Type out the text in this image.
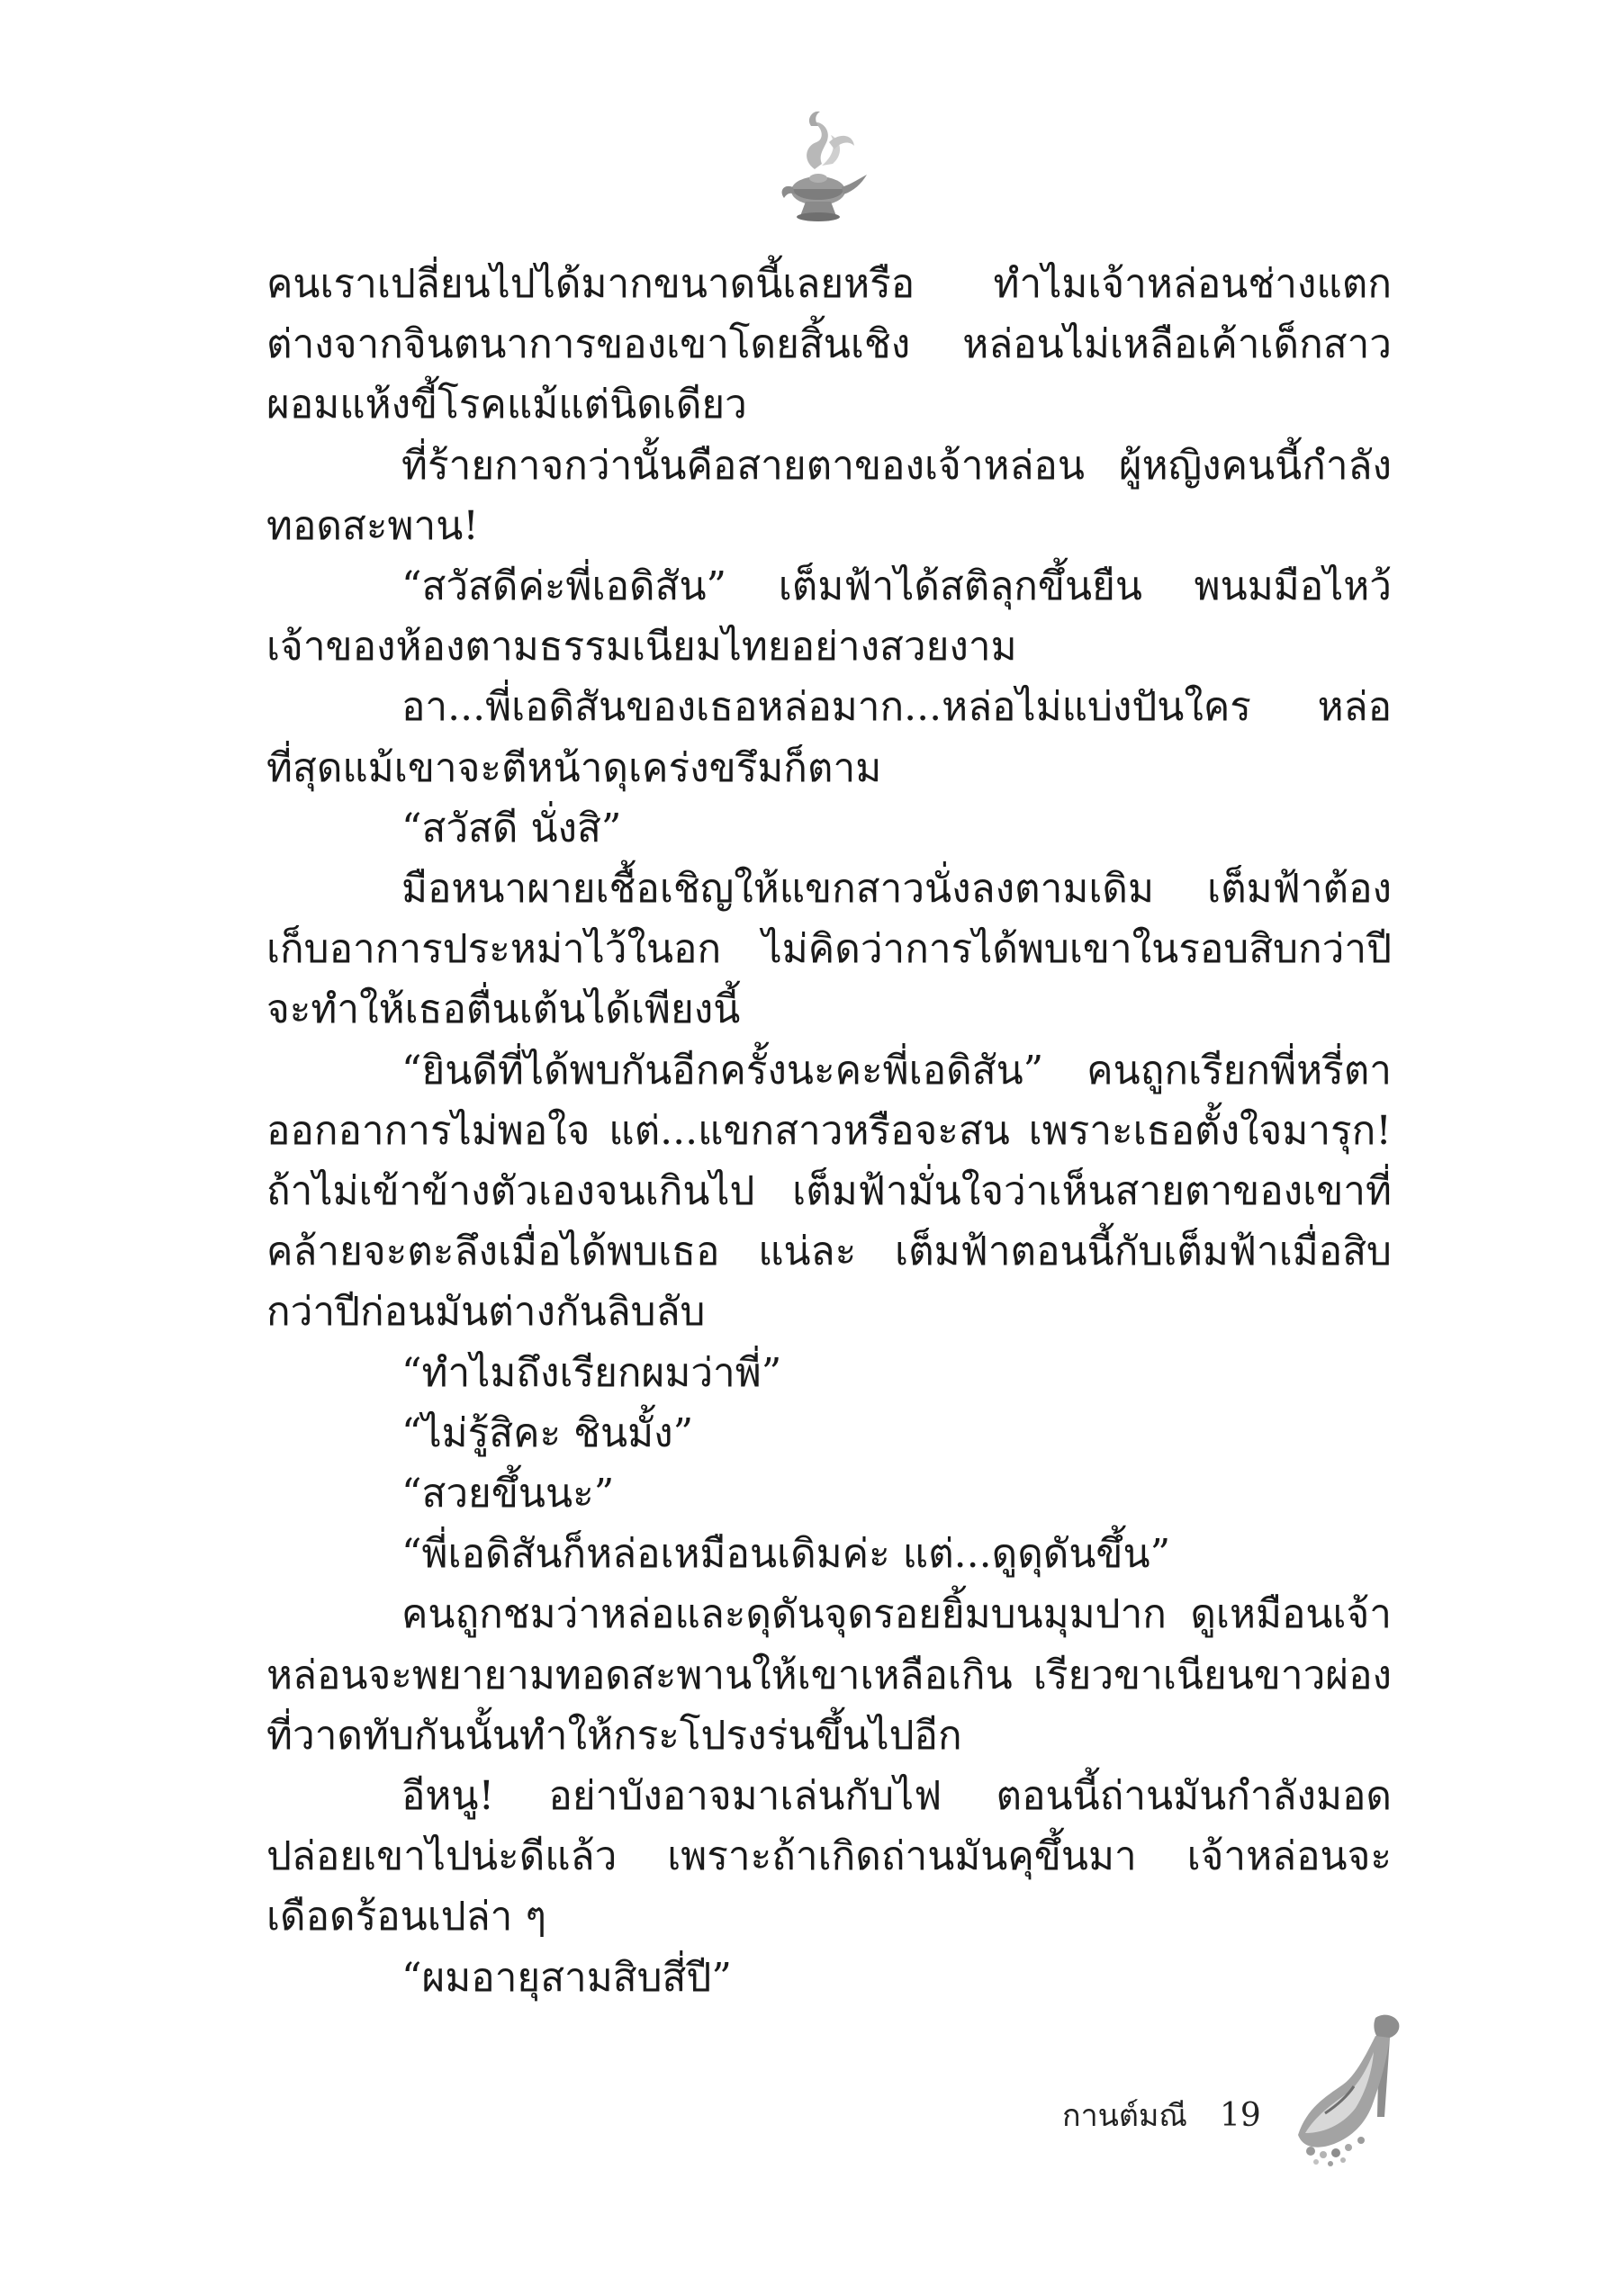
คนเราเปลี่ยนไปได้มากขนาดนี้เลยหรือ ทำไมเจ้าหล่อนช่างแตกต่างจากจินตนาการของเขาโดยสิ้นเชิง หล่อนไม่เหลือเค้าเด็กสาวผอมแห้งขี้โรคแม้แต่นิดเดียว

ที่ร้ายกาจกว่านั้นคือสายตาของเจ้าหล่อน ผู้หญิงคนนี้กำลังทอดสะพาน!

“สวัสดีค่ะพี่เอดิสัน” เต็มฟ้าได้สติลุกขึ้นยืน พนมมือไหว้เจ้าของห้องตามธรรมเนียมไทยอย่างสวยงาม

อา...พี่เอดิสันของเธอหล่อมาก...หล่อไม่แบ่งปันใคร หล่อที่สุดแม้เขาจะตีหน้าดุเคร่งขรึมก็ตาม

“สวัสดี นั่งสิ”

มือหนาผายเชื้อเชิญให้แขกสาวนั่งลงตามเดิม เต็มฟ้าต้องเก็บอาการประหม่าไว้ในอก ไม่คิดว่าการได้พบเขาในรอบสิบกว่าปีจะทำให้เธอตื่นเต้นได้เพียงนี้

“ยินดีที่ได้พบกันอีกครั้งนะคะพี่เอดิสัน” คนถูกเรียกพี่หรี่ตาออกอาการไม่พอใจ แต่...แขกสาวหรือจะสน เพราะเธอตั้งใจมารุก! ถ้าไม่เข้าข้างตัวเองจนเกินไป เต็มฟ้ามั่นใจว่าเห็นสายตาของเขาที่คล้ายจะตะลึงเมื่อได้พบเธอ แน่ละ เต็มฟ้าตอนนี้กับเต็มฟ้าเมื่อสิบกว่าปีก่อนมันต่างกันลิบลับ

“ทำไมถึงเรียกผมว่าพี่”

“ไม่รู้สิคะ ชินมั้ง”

“สวยขึ้นนะ”

“พี่เอดิสันก็หล่อเหมือนเดิมค่ะ แต่...ดูดุดันขึ้น”

คนถูกชมว่าหล่อและดุดันจุดรอยยิ้มบนมุมปาก ดูเหมือนเจ้าหล่อนจะพยายามทอดสะพานให้เขาเหลือเกิน เรียวขาเนียนขาวผ่องที่วาดทับกันนั้นทำให้กระโปรงร่นขึ้นไปอีก

อีหนู! อย่าบังอาจมาเล่นกับไฟ ตอนนี้ถ่านมันกำลังมอด ปล่อยเขาไปน่ะดีแล้ว เพราะถ้าเกิดถ่านมันคุขึ้นมา เจ้าหล่อนจะเดือดร้อนเปล่า ๆ

“ผมอายุสามสิบสี่ปี”

กานต์มณี 19
